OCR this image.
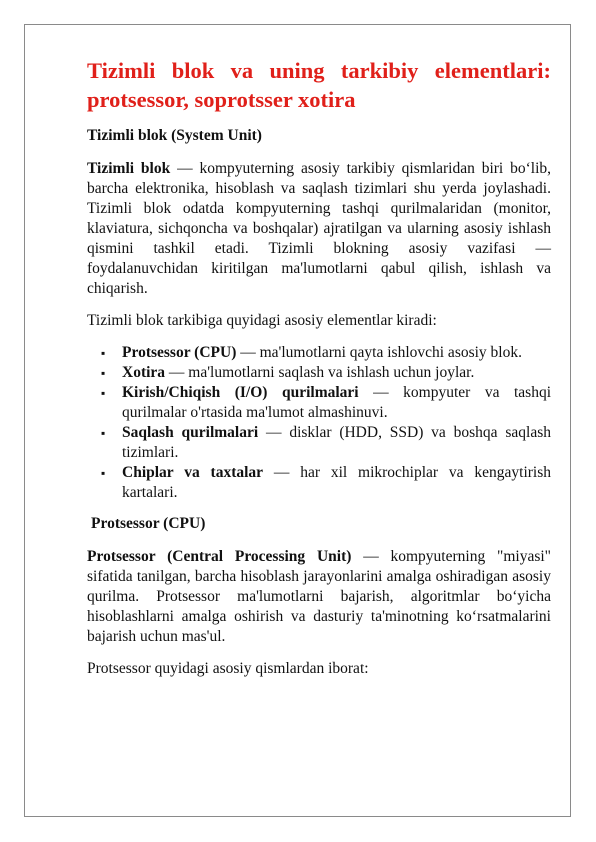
Tizimli blok va uning tarkibiy elementlari: protsessor, soprotsser xotira
Tizimli blok (System Unit)

Tizimli blok — kompyuterning asosiy tarkibiy qismlaridan biri bo‘lib, barcha elektronika, hisoblash va saqlash tizimlari shu yerda joylashadi. Tizimli blok odatda kompyuterning tashqi qurilmalaridan (monitor, klaviatura, sichqoncha va boshqalar) ajratilgan va ularning asosiy ishlash qismini tashkil etadi. Tizimli blokning asosiy vazifasi — foydalanuvchidan kiritilgan ma'lumotlarni qabul qilish, ishlash va chiqarish.

Tizimli blok tarkibiga quyidagi asosiy elementlar kiradi:

▪ Protsessor (CPU) — ma'lumotlarni qayta ishlovchi asosiy blok.
▪ Xotira — ma'lumotlarni saqlash va ishlash uchun joylar.
▪ Kirish/Chiqish (I/O) qurilmalari — kompyuter va tashqi qurilmalar o'rtasida ma'lumot almashinuvi.
▪ Saqlash qurilmalari — disklar (HDD, SSD) va boshqa saqlash tizimlari.
▪ Chiplar va taxtalar — har xil mikrochiplar va kengaytirish kartalari.
Protsessor (CPU)

Protsessor (Central Processing Unit) — kompyuterning "miyasi" sifatida tanilgan, barcha hisoblash jarayonlarini amalga oshiradigan asosiy qurilma. Protsessor ma'lumotlarni bajarish, algoritmlar bo‘yicha hisoblashlarni amalga oshirish va dasturiy ta'minotning ko‘rsatmalarini bajarish uchun mas'ul.

Protsessor quyidagi asosiy qismlardan iborat:
